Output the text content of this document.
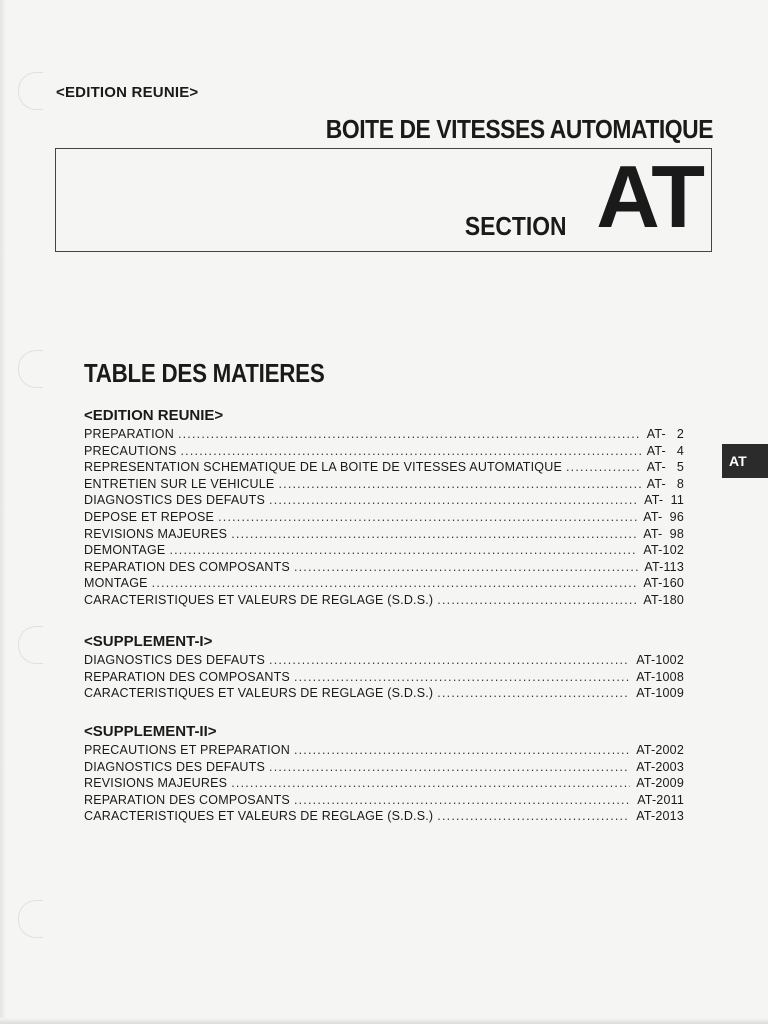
<EDITION REUNIE>
BOITE DE VITESSES AUTOMATIQUE
SECTION AT
AT
TABLE DES MATIERES
<EDITION REUNIE>
PREPARATION .....	AT-   2
PRECAUTIONS .....	AT-   4
REPRESENTATION SCHEMATIQUE DE LA BOITE DE VITESSES AUTOMATIQUE .....	AT-   5
ENTRETIEN SUR LE VEHICULE .....	AT-   8
DIAGNOSTICS DES DEFAUTS .....	AT-  11
DEPOSE ET REPOSE .....	AT-  96
REVISIONS MAJEURES .....	AT-  98
DEMONTAGE .....	AT-102
REPARATION DES COMPOSANTS .....	AT-113
MONTAGE .....	AT-160
CARACTERISTIQUES ET VALEURS DE REGLAGE (S.D.S.) .....	AT-180
<SUPPLEMENT-I>
DIAGNOSTICS DES DEFAUTS .....	AT-1002
REPARATION DES COMPOSANTS .....	AT-1008
CARACTERISTIQUES ET VALEURS DE REGLAGE (S.D.S.) .....	AT-1009
<SUPPLEMENT-II>
PRECAUTIONS ET PREPARATION .....	AT-2002
DIAGNOSTICS DES DEFAUTS .....	AT-2003
REVISIONS MAJEURES .....	AT-2009
REPARATION DES COMPOSANTS .....	AT-2011
CARACTERISTIQUES ET VALEURS DE REGLAGE (S.D.S.) .....	AT-2013
